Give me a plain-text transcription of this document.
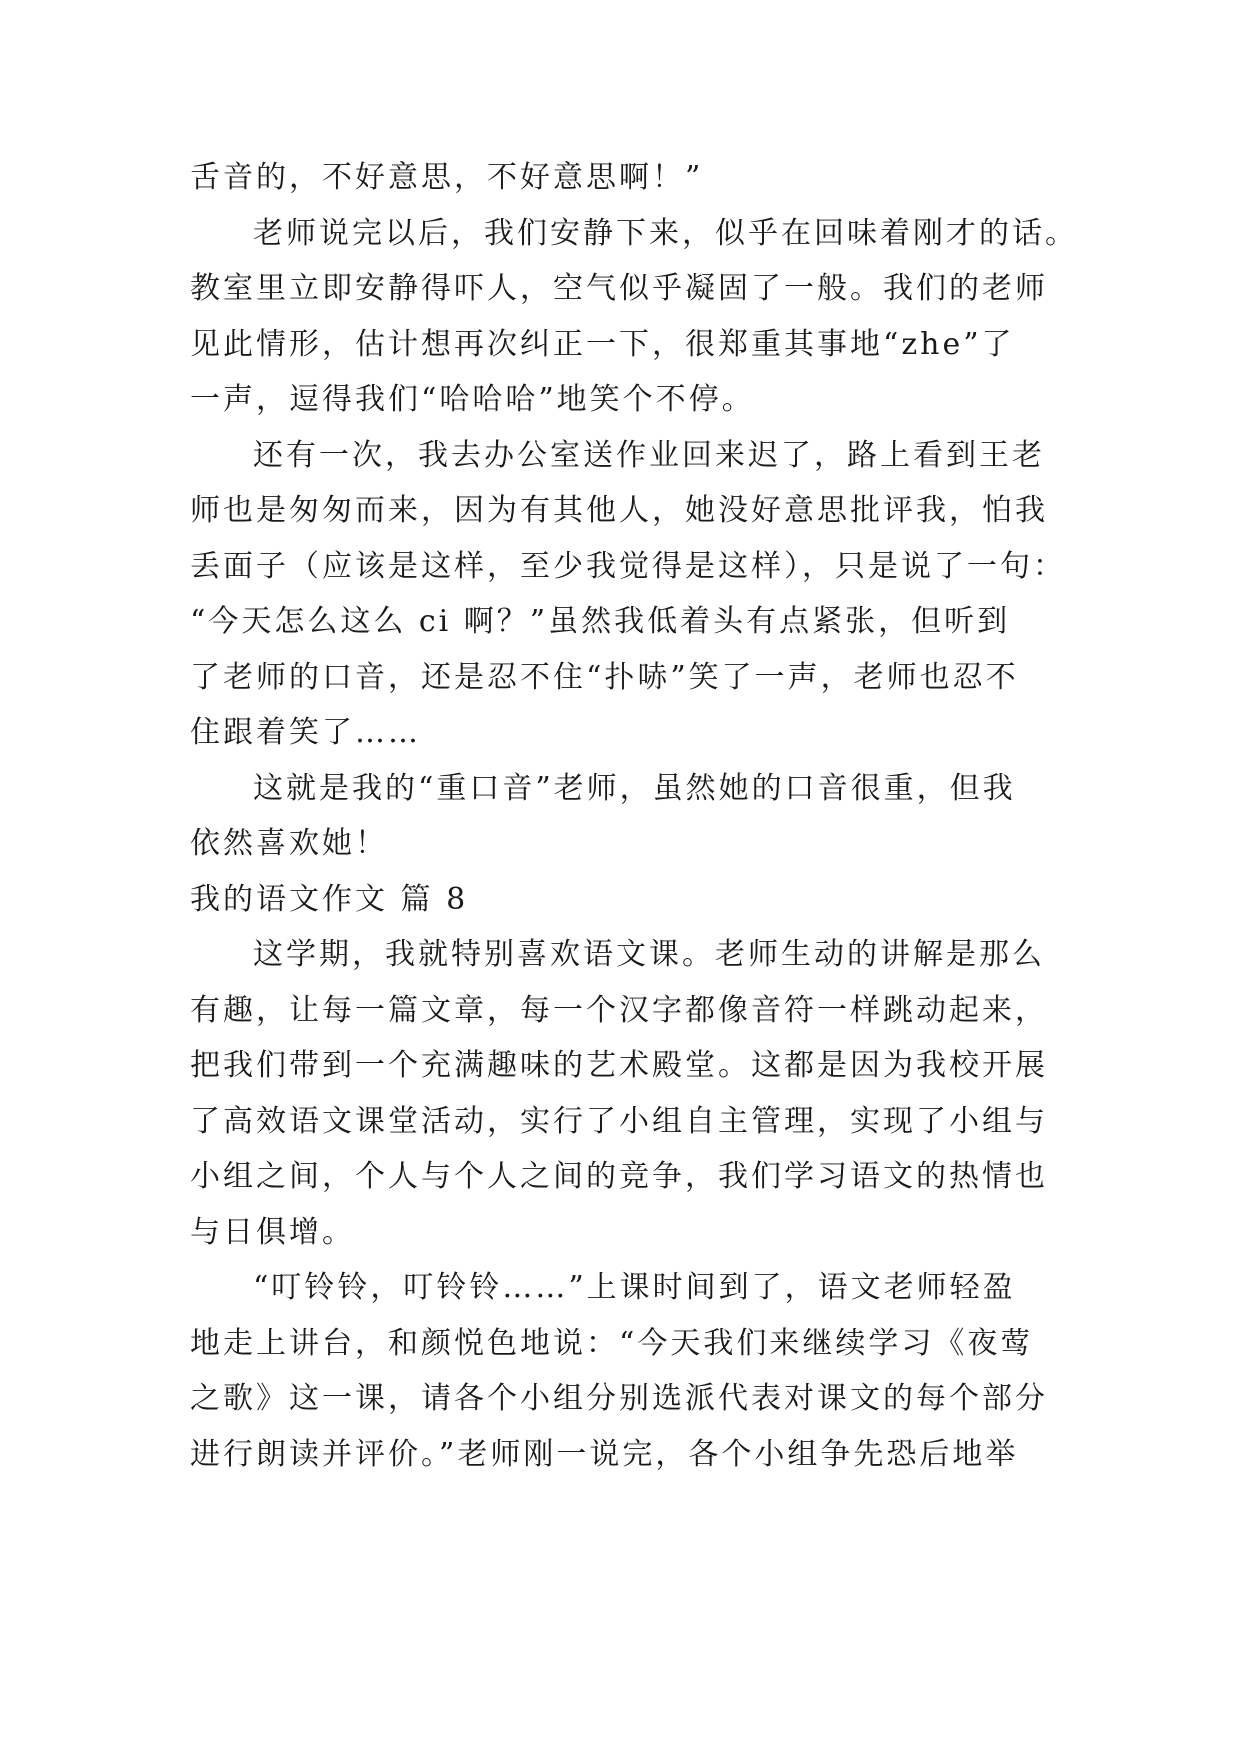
舌音的，不好意思，不好意思啊！”
老师说完以后，我们安静下来，似乎在回味着刚才的话。
教室里立即安静得吓人，空气似乎凝固了一般。我们的老师
见此情形，估计想再次纠正一下，很郑重其事地“zhe”了
一声，逗得我们“哈哈哈”地笑个不停。
还有一次，我去办公室送作业回来迟了，路上看到王老
师也是匆匆而来，因为有其他人，她没好意思批评我，怕我
丢面子（应该是这样，至少我觉得是这样），只是说了一句：
“今天怎么这么 ci 啊？”虽然我低着头有点紧张，但听到
了老师的口音，还是忍不住“扑哧”笑了一声，老师也忍不
住跟着笑了……
这就是我的“重口音”老师，虽然她的口音很重，但我
依然喜欢她！
我的语文作文 篇 8
这学期，我就特别喜欢语文课。老师生动的讲解是那么
有趣，让每一篇文章，每一个汉字都像音符一样跳动起来，
把我们带到一个充满趣味的艺术殿堂。这都是因为我校开展
了高效语文课堂活动，实行了小组自主管理，实现了小组与
小组之间，个人与个人之间的竞争，我们学习语文的热情也
与日俱增。
“叮铃铃，叮铃铃……”上课时间到了，语文老师轻盈
地走上讲台，和颜悦色地说：“今天我们来继续学习《夜莺
之歌》这一课，请各个小组分别选派代表对课文的每个部分
进行朗读并评价。”老师刚一说完，各个小组争先恐后地举
